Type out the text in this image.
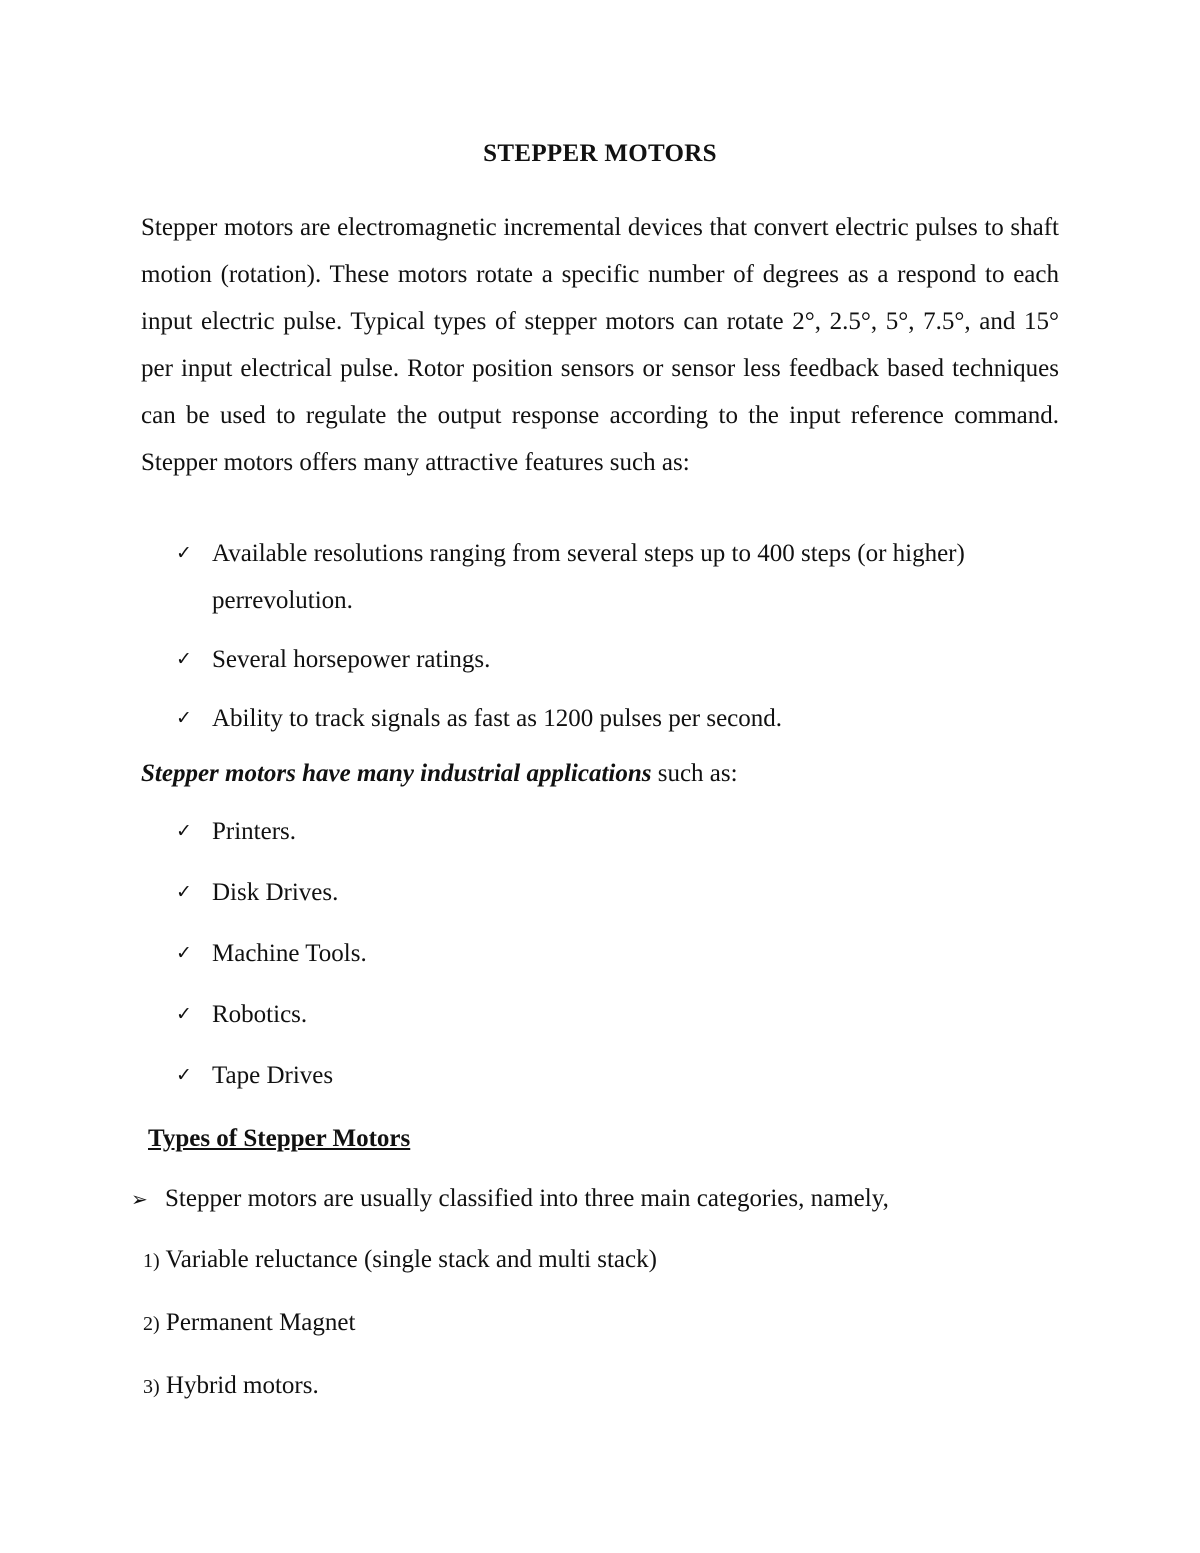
STEPPER MOTORS

Stepper motors are electromagnetic incremental devices that convert electric pulses to shaft motion (rotation). These motors rotate a specific number of degrees as a respond to each input electric pulse. Typical types of stepper motors can rotate 2°, 2.5°, 5°, 7.5°, and 15° per input electrical pulse. Rotor position sensors or sensor less feedback based techniques can be used to regulate the output response according to the input reference command. Stepper motors offers many attractive features such as:

✓ Available resolutions ranging from several steps up to 400 steps (or higher) perrevolution.
✓ Several horsepower ratings.
✓ Ability to track signals as fast as 1200 pulses per second.
Stepper motors have many industrial applications such as:
✓ Printers.
✓ Disk Drives.
✓ Machine Tools.
✓ Robotics.
✓ Tape Drives
Types of Stepper Motors
➢ Stepper motors are usually classified into three main categories, namely,
1) Variable reluctance (single stack and multi stack)
2) Permanent Magnet
3) Hybrid motors.
